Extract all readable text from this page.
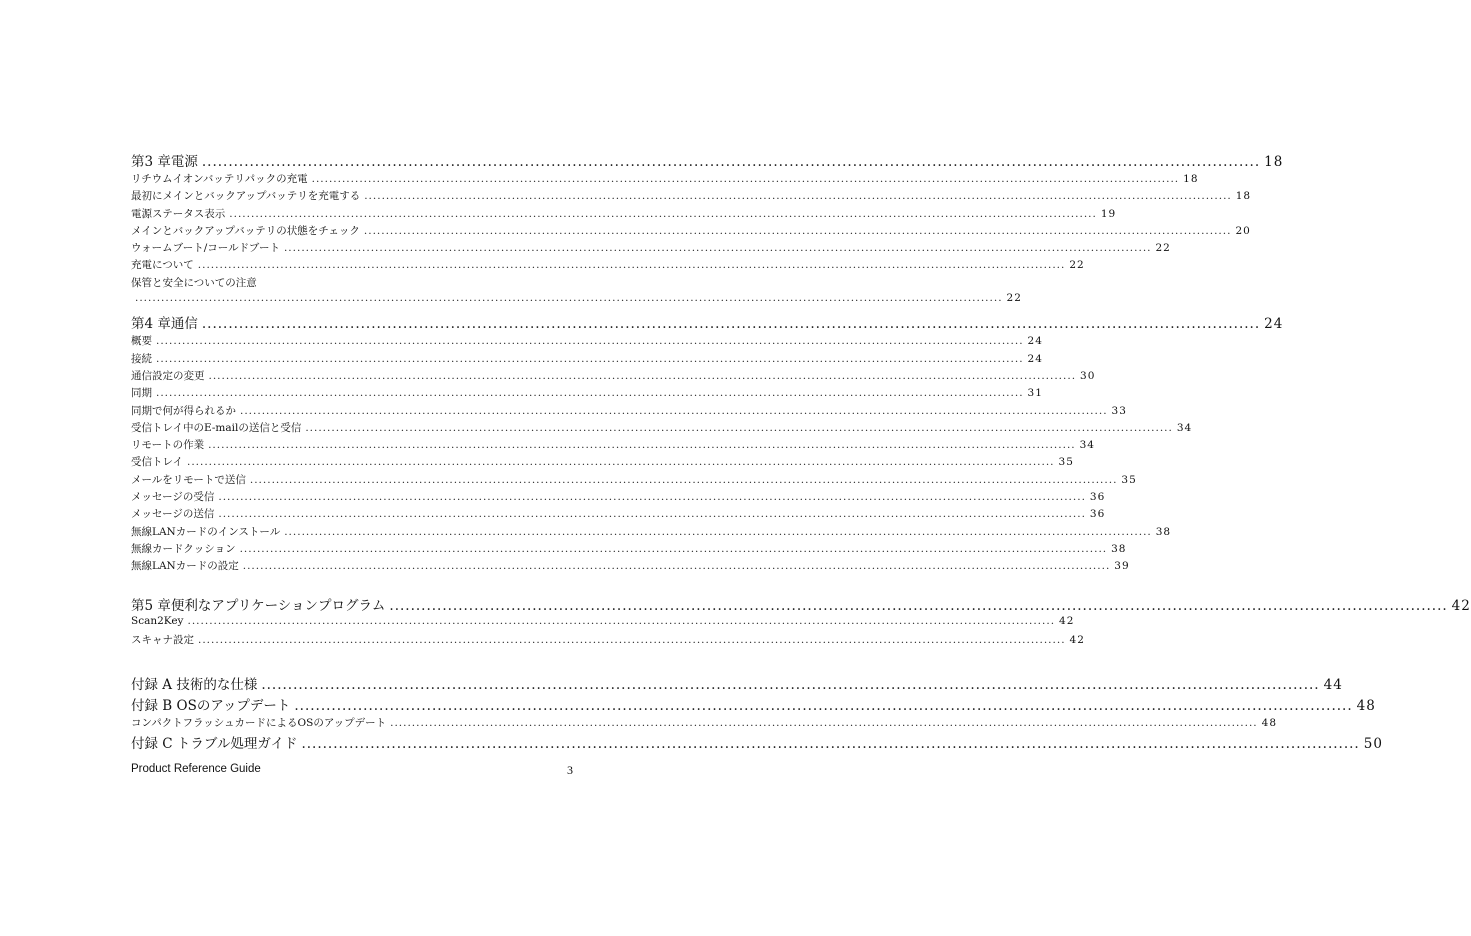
第3 章電源 ........................................................................................................................................................................................................ 18
リチウムイオンバッテリパックの充電 ........................................................................................................................................................................................................ 18
最初にメインとバックアップバッテリを充電する ........................................................................................................................................................................................................ 18
電源ステータス表示 ........................................................................................................................................................................................................ 19
メインとバックアップバッテリの状態をチェック ........................................................................................................................................................................................................ 20
ウォームブート/コールドブート ........................................................................................................................................................................................................ 22
充電について ........................................................................................................................................................................................................ 22
保管と安全についての注意
........................................................................................................................................................................................................ 22
第4 章通信 ........................................................................................................................................................................................................ 24
概要 ........................................................................................................................................................................................................ 24
接続 ........................................................................................................................................................................................................ 24
通信設定の変更 ........................................................................................................................................................................................................ 30
同期 ........................................................................................................................................................................................................ 31
同期で何が得られるか ........................................................................................................................................................................................................ 33
受信トレイ中のE-mailの送信と受信 ........................................................................................................................................................................................................ 34
リモートの作業 ........................................................................................................................................................................................................ 34
受信トレイ ........................................................................................................................................................................................................ 35
メールをリモートで送信 ........................................................................................................................................................................................................ 35
メッセージの受信 ........................................................................................................................................................................................................ 36
メッセージの送信 ........................................................................................................................................................................................................ 36
無線LANカードのインストール ........................................................................................................................................................................................................ 38
無線カードクッション ........................................................................................................................................................................................................ 38
無線LANカードの設定 ........................................................................................................................................................................................................ 39
第5 章便利なアプリケーションプログラム ........................................................................................................................................................................................................ 42
Scan2Key ........................................................................................................................................................................................................ 42
スキャナ設定 ........................................................................................................................................................................................................ 42
付録 A 技術的な仕様 ........................................................................................................................................................................................................ 44
付録 B OSのアップデート ........................................................................................................................................................................................................ 48
コンパクトフラッシュカードによるOSのアップデート ........................................................................................................................................................................................................ 48
付録 C トラブル処理ガイド ........................................................................................................................................................................................................ 50
Product Reference Guide	3
